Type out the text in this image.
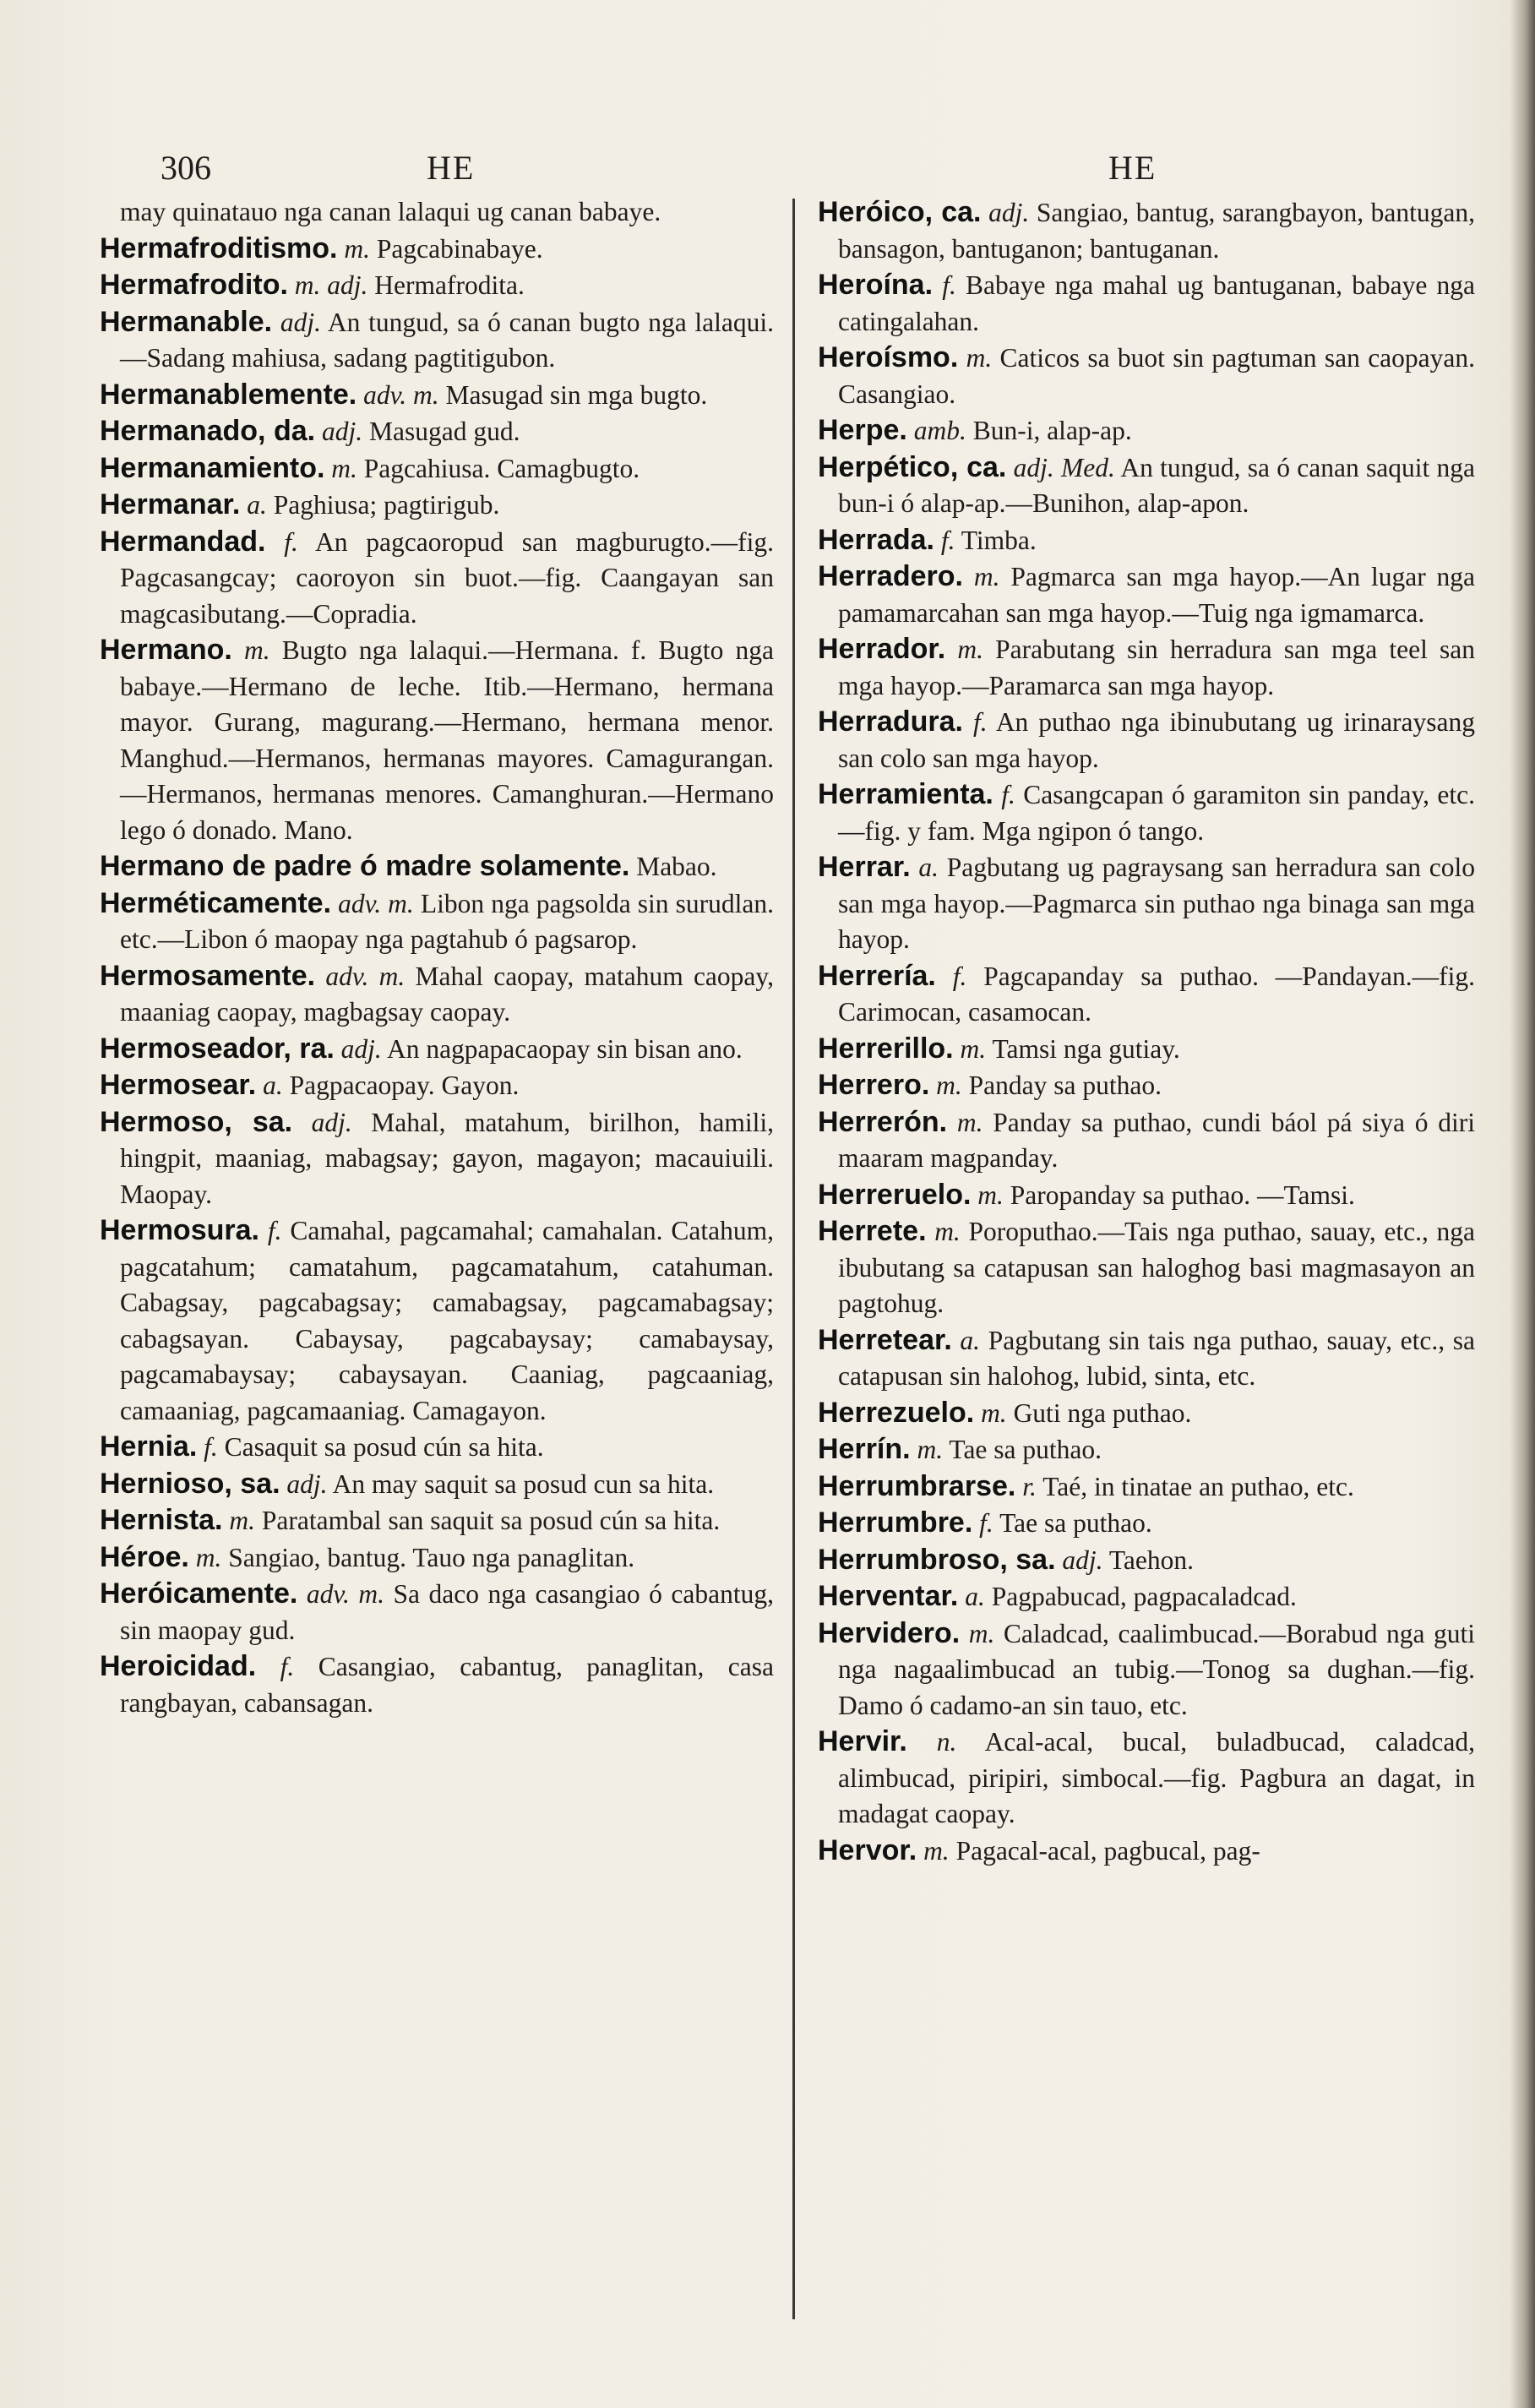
306	HE	HE

may quinatauo nga canan lalaqui ug canan babaye.

Hermafroditismo. m. Pagcabinabaye.

Hermafrodito. m. adj. Hermafrodita.

Hermanable. adj. An tungud, sa ó canan bugto nga lalaqui.—Sadang mahiusa, sadang pagtitigubon.

Hermanablemente. adv. m. Masugad sin mga bugto.

Hermanado, da. adj. Masugad gud.

Hermanamiento. m. Pagcahiusa. Camagbugto.

Hermanar. a. Paghiusa; pagtirigub.

Hermandad. f. An pagcaoropud san magburugto.—fig. Pagcasangcay; caoroyon sin buot.—fig. Caangayan san magcasibutang.—Copradia.

Hermano. m. Bugto nga lalaqui.—Hermana. f. Bugto nga babaye.—Hermano de leche. Itib.—Hermano, hermana mayor. Gurang, magurang.—Hermano, hermana menor. Manghud.—Hermanos, hermanas mayores. Camagurangan.—Hermanos, hermanas menores. Camanghuran.—Hermano lego ó donado. Mano.

Hermano de padre ó madre solamente. Mabao.

Herméticamente. adv. m. Libon nga pagsolda sin surudlan. etc.—Libon ó maopay nga pagtahub ó pagsarop.

Hermosamente. adv. m. Mahal caopay, matahum caopay, maaniag caopay, magbagsay caopay.

Hermoseador, ra. adj. An nagpapacaopay sin bisan ano.

Hermosear. a. Pagpacaopay. Gayon.

Hermoso, sa. adj. Mahal, matahum, birilhon, hamili, hingpit, maaniag, mabagsay; gayon, magayon; macauiuili. Maopay.

Hermosura. f. Camahal, pagcamahal; camahalan. Catahum, pagcatahum; camatahum, pagcamatahum, catahuman. Cabagsay, pagcabagsay; camabagsay, pagcamabagsay; cabagsayan. Cabaysay, pagcabaysay; camabaysay, pagcamabaysay; cabaysayan. Caaniag, pagcaaniag, camaaniag, pagcamaaniag. Camagayon.

Hernia. f. Casaquit sa posud cún sa hita.

Hernioso, sa. adj. An may saquit sa posud cun sa hita.

Hernista. m. Paratambal san saquit sa posud cún sa hita.

Héroe. m. Sangiao, bantug. Tauo nga panaglitan.

Heróicamente. adv. m. Sa daco nga casangiao ó cabantug, sin maopay gud.

Heroicidad. f. Casangiao, cabantug, panaglitan, casa rangbayan, cabansagan.

Heróico, ca. adj. Sangiao, bantug, sarangbayon, bantugan, bansagon, bantuganon; bantuganan.

Heroína. f. Babaye nga mahal ug bantuganan, babaye nga catingalahan.

Heroísmo. m. Caticos sa buot sin pagtuman san caopayan. Casangiao.

Herpe. amb. Bun-i, alap-ap.

Herpético, ca. adj. Med. An tungud, sa ó canan saquit nga bun-i ó alap-ap.—Bunihon, alap-apon.

Herrada. f. Timba.

Herradero. m. Pagmarca san mga hayop.—An lugar nga pamamarcahan san mga hayop.—Tuig nga igmamarca.

Herrador. m. Parabutang sin herradura san mga teel san mga hayop.—Paramarca san mga hayop.

Herradura. f. An puthao nga ibinubutang ug irinaraysang san colo san mga hayop.

Herramienta. f. Casangcapan ó garamiton sin panday, etc.—fig. y fam. Mga ngipon ó tango.

Herrar. a. Pagbutang ug pagraysang san herradura san colo san mga hayop.—Pagmarca sin puthao nga binaga san mga hayop.

Herrería. f. Pagcapanday sa puthao. —Pandayan.—fig. Carimocan, casamocan.

Herrerillo. m. Tamsi nga gutiay.

Herrero. m. Panday sa puthao.

Herrerón. m. Panday sa puthao, cundi báol pá siya ó diri maaram magpanday.

Herreruelo. m. Paropanday sa puthao. —Tamsi.

Herrete. m. Poroputhao.—Tais nga puthao, sauay, etc., nga ibubutang sa catapusan san haloghog basi magmasayon an pagtohug.

Herretear. a. Pagbutang sin tais nga puthao, sauay, etc., sa catapusan sin halohog, lubid, sinta, etc.

Herrezuelo. m. Guti nga puthao.

Herrín. m. Tae sa puthao.

Herrumbrarse. r. Taé, in tinatae an puthao, etc.

Herrumbre. f. Tae sa puthao.

Herrumbroso, sa. adj. Taehon.

Herventar. a. Pagpabucad, pagpacaladcad.

Hervidero. m. Caladcad, caalimbucad.—Borabud nga guti nga nagaalimbucad an tubig.—Tonog sa dughan.—fig. Damo ó cadamo-an sin tauo, etc.

Hervir. n. Acal-acal, bucal, buladbucad, caladcad, alimbucad, piripiri, simbocal.—fig. Pagbura an dagat, in madagat caopay.

Hervor. m. Pagacal-acal, pagbucal, pag-
